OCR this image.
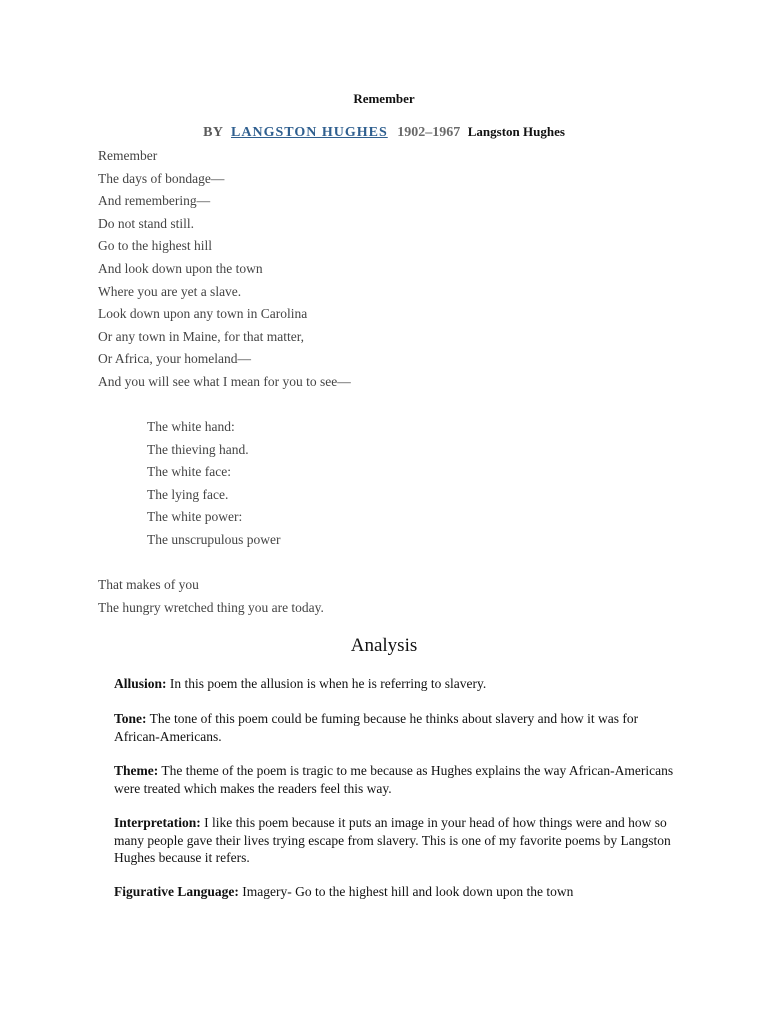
Remember
BY LANGSTON HUGHES 1902–1967 Langston Hughes
Remember
The days of bondage—
And remembering—
Do not stand still.
Go to the highest hill
And look down upon the town
Where you are yet a slave.
Look down upon any town in Carolina
Or any town in Maine, for that matter,
Or Africa, your homeland—
And you will see what I mean for you to see—
The white hand:
The thieving hand.
The white face:
The lying face.
The white power:
The unscrupulous power
That makes of you
The hungry wretched thing you are today.
Analysis
Allusion: In this poem the allusion is when he is referring to slavery.
Tone: The tone of this poem could be fuming because he thinks about slavery and how it was for African-Americans.
Theme: The theme of the poem is tragic to me because as Hughes explains the way African-Americans were treated which makes the readers feel this way.
Interpretation: I like this poem because it puts an image in your head of how things were and how so many people gave their lives trying escape from slavery. This is one of my favorite poems by Langston Hughes because it refers.
Figurative Language: Imagery- Go to the highest hill and look down upon the town
